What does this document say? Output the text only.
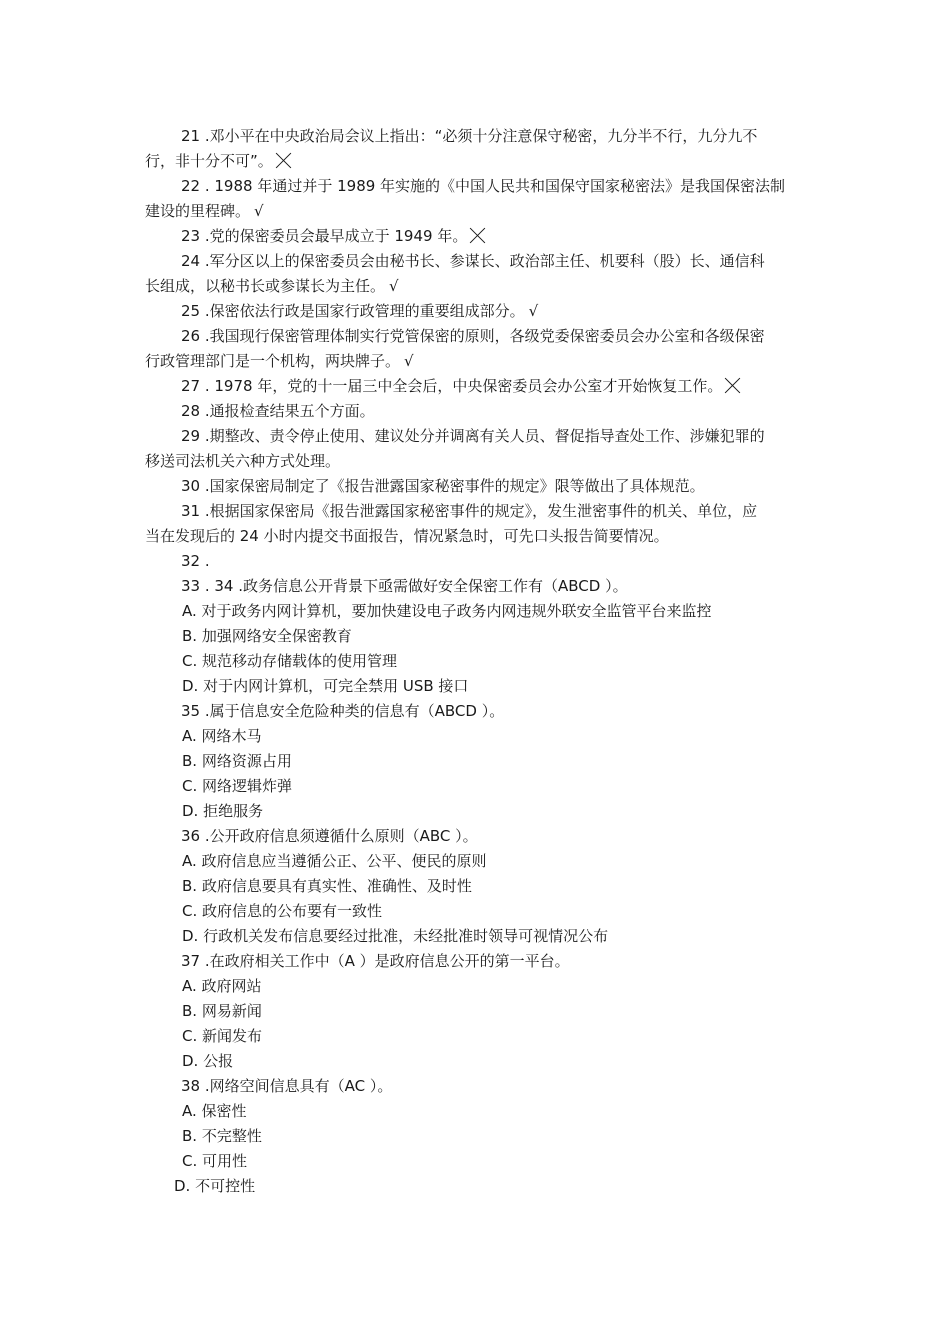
21 .邓小平在中央政治局会议上指出：“必须十分注意保守秘密，九分半不行，九分九不
行，非十分不可”。
22 . 1988 年通过并于 1989 年实施的《中国人民共和国保守国家秘密法》是我国保密法制
建设的里程碑。 √
23 .党的保密委员会最早成立于 1949 年。
24 .军分区以上的保密委员会由秘书长、参谋长、政治部主任、机要科（股）长、通信科
长组成，以秘书长或参谋长为主任。 √
25 .保密依法行政是国家行政管理的重要组成部分。 √
26 .我国现行保密管理体制实行党管保密的原则，各级党委保密委员会办公室和各级保密
行政管理部门是一个机构，两块牌子。 √
27 . 1978 年，党的十一届三中全会后，中央保密委员会办公室才开始恢复工作。
28 .通报检查结果五个方面。
29 .期整改、责令停止使用、建议处分并调离有关人员、督促指导查处工作、涉嫌犯罪的
移送司法机关六种方式处理。
30 .国家保密局制定了《报告泄露国家秘密事件的规定》限等做出了具体规范。
31 .根据国家保密局《报告泄露国家秘密事件的规定》，发生泄密事件的机关、单位，应
当在发现后的 24 小时内提交书面报告，情况紧急时，可先口头报告简要情况。
32 .
33 . 34 .政务信息公开背景下亟需做好安全保密工作有（ABCD ）。
A. 对于政务内网计算机，要加快建设电子政务内网违规外联安全监管平台来监控
B. 加强网络安全保密教育
C. 规范移动存储载体的使用管理
D. 对于内网计算机，可完全禁用 USB 接口
35 .属于信息安全危险种类的信息有（ABCD ）。
A. 网络木马
B. 网络资源占用
C. 网络逻辑炸弹
D. 拒绝服务
36 .公开政府信息须遵循什么原则（ABC ）。
A. 政府信息应当遵循公正、公平、便民的原则
B. 政府信息要具有真实性、准确性、及时性
C. 政府信息的公布要有一致性
D. 行政机关发布信息要经过批准，未经批准时领导可视情况公布
37 .在政府相关工作中（A ）是政府信息公开的第一平台。
A. 政府网站
B. 网易新闻
C. 新闻发布
D. 公报
38 .网络空间信息具有（AC ）。
A. 保密性
B. 不完整性
C. 可用性
D. 不可控性
